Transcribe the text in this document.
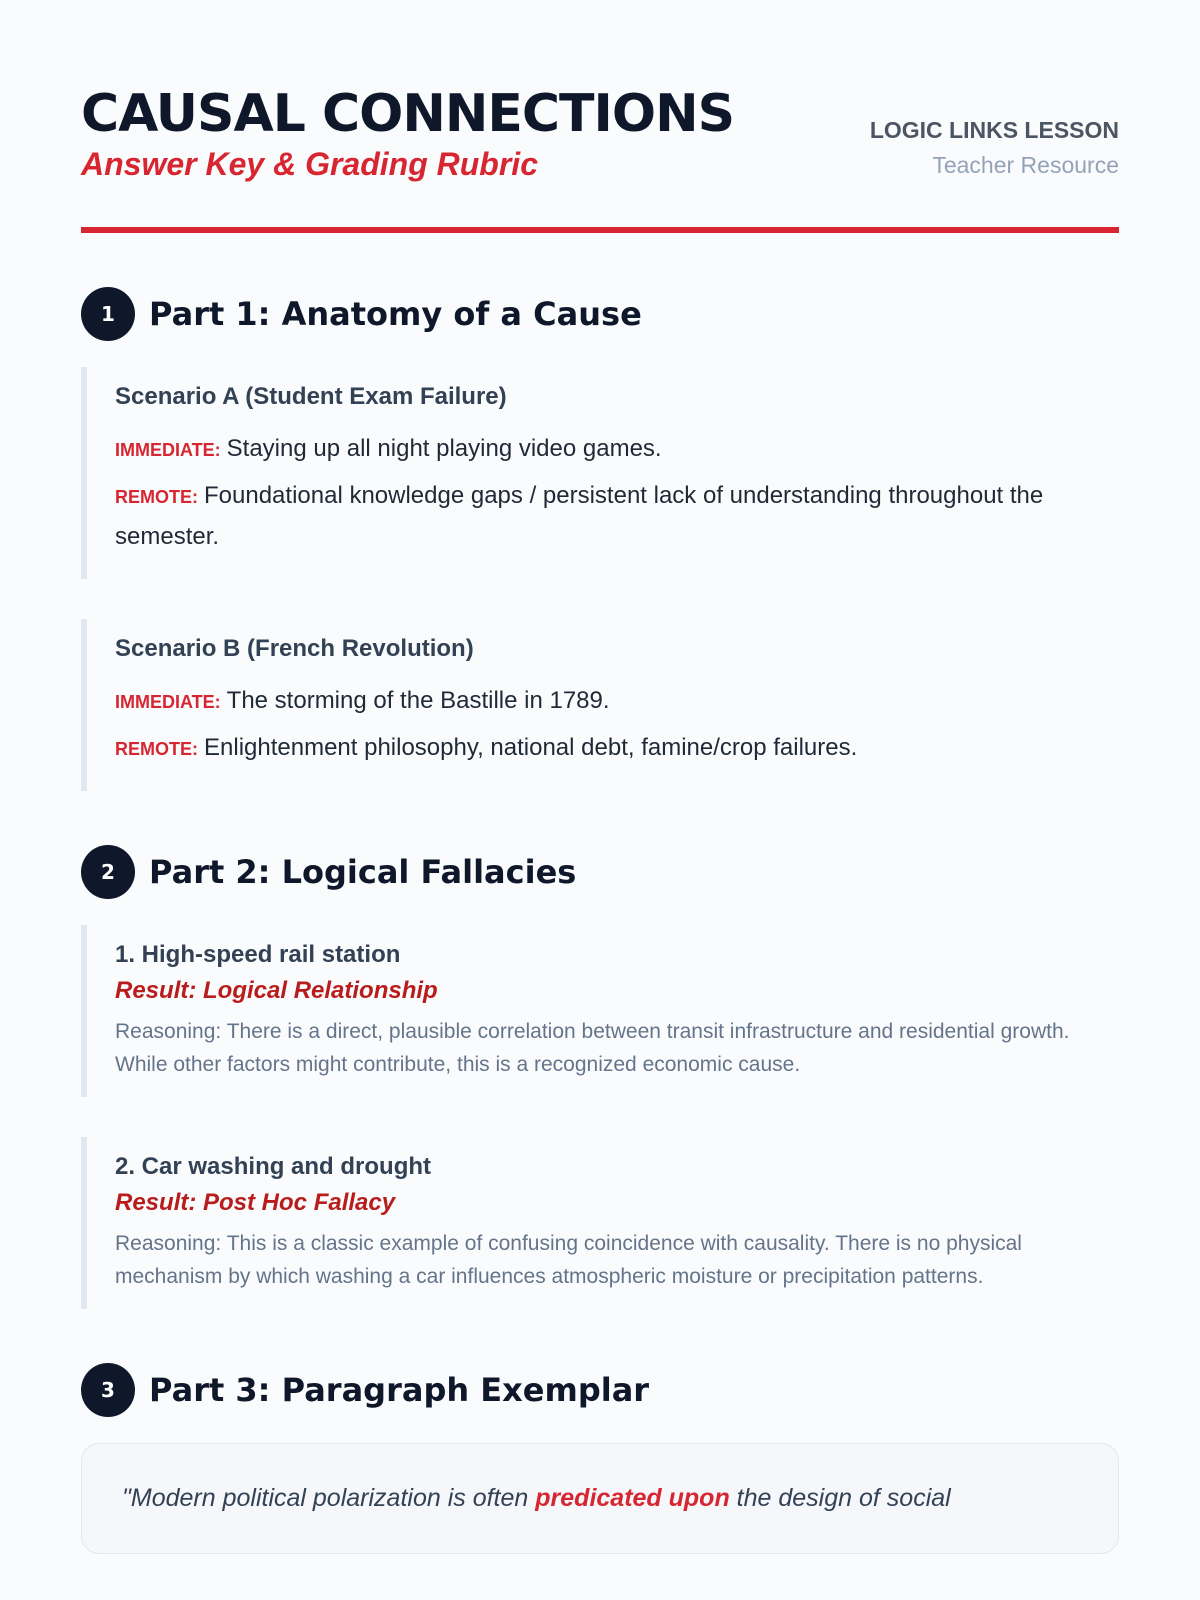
CAUSAL CONNECTIONS
Answer Key & Grading Rubric
LOGIC LINKS LESSON
Teacher Resource
1	Part 1: Anatomy of a Cause
Scenario A (Student Exam Failure)
IMMEDIATE: Staying up all night playing video games.
REMOTE: Foundational knowledge gaps / persistent lack of understanding throughout the semester.
Scenario B (French Revolution)
IMMEDIATE: The storming of the Bastille in 1789.
REMOTE: Enlightenment philosophy, national debt, famine/crop failures.
2	Part 2: Logical Fallacies
1. High-speed rail station
Result: Logical Relationship
Reasoning: There is a direct, plausible correlation between transit infrastructure and residential growth. While other factors might contribute, this is a recognized economic cause.
2. Car washing and drought
Result: Post Hoc Fallacy
Reasoning: This is a classic example of confusing coincidence with causality. There is no physical mechanism by which washing a car influences atmospheric moisture or precipitation patterns.
3	Part 3: Paragraph Exemplar
"Modern political polarization is often predicated upon the design of social
